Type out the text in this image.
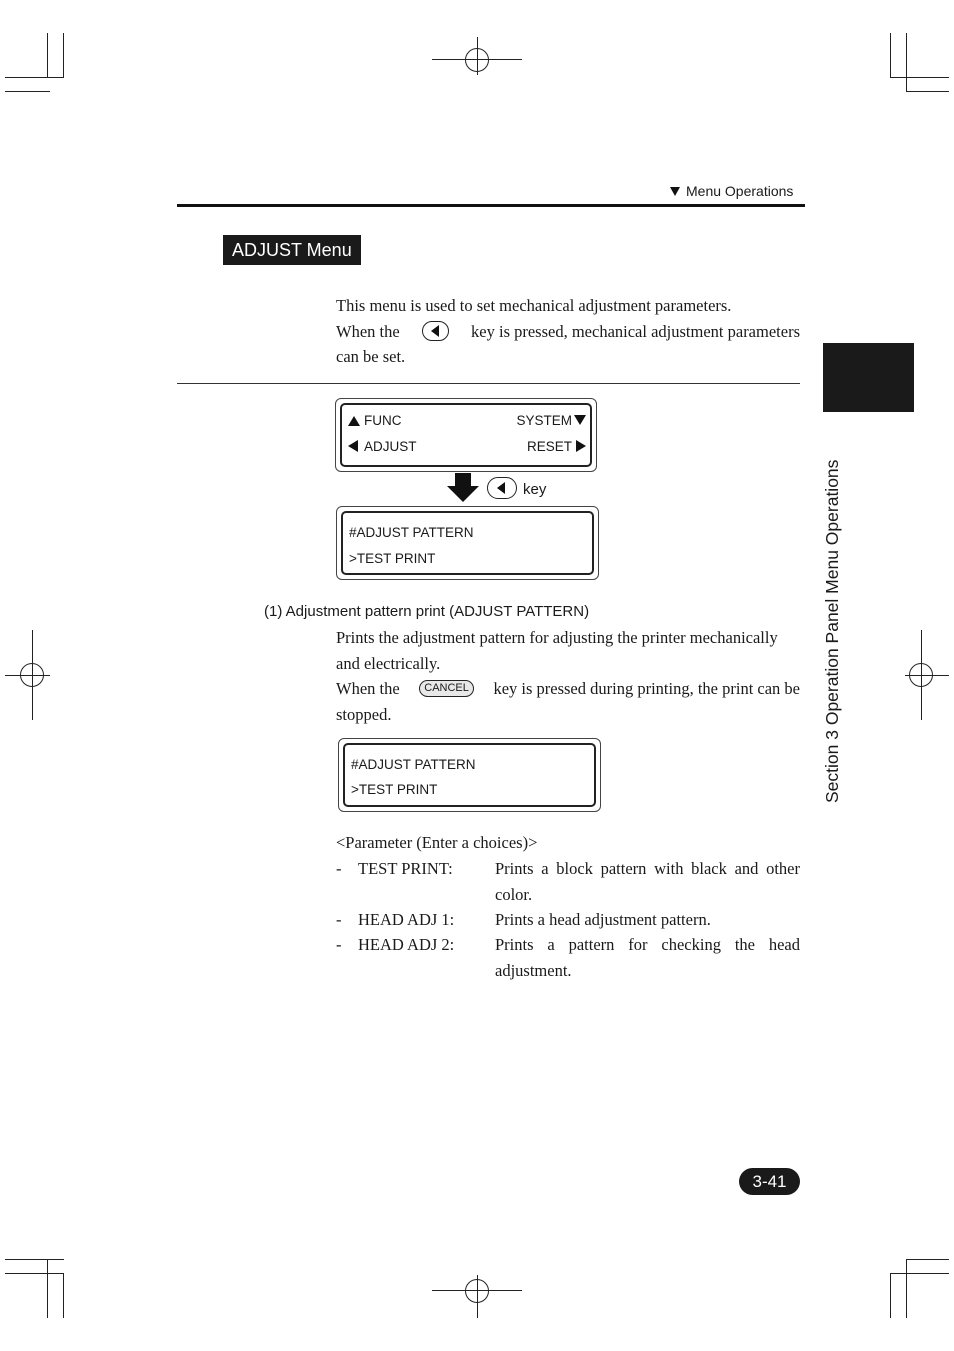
Menu Operations
ADJUST Menu
This menu is used to set mechanical adjustment parameters.
When the	key is pressed, mechanical adjustment parameters
can be set.
FUNC	SYSTEM
ADJUST	RESET
key
#ADJUST PATTERN
>TEST PRINT
(1) Adjustment pattern print (ADJUST PATTERN)
Prints the adjustment pattern for adjusting the printer mechanically
and electrically.
When the	CANCEL	key is pressed during printing, the print can be
stopped.
#ADJUST PATTERN
>TEST PRINT
<Parameter (Enter a choices)>
- TEST PRINT:	Prints a block pattern with black and other
color.
- HEAD ADJ 1: Prints a head adjustment pattern.
- HEAD ADJ 2: Prints a pattern for checking the head
adjustment.
Section 3 Operation Panel Menu Operations
3-41
